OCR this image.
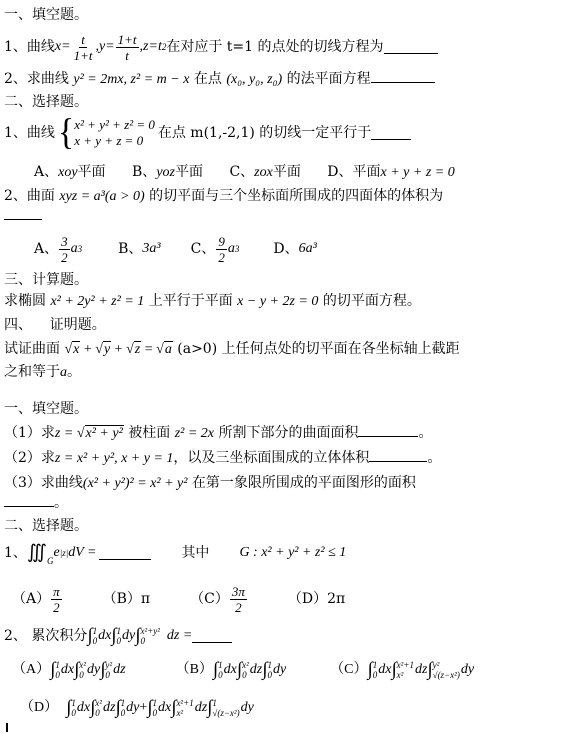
一、填空题。
1、曲线 $x= \frac{t}{1+t} ,y= \frac{1+t}{t} ,z=t$ 2 在对应于 t=1 的点处的切线方程为
2、求曲线 y² = 2mx, z² = m − x 在点 (x₀, y₀, z₀) 的法平面方程
二、选择题。
1、曲线 { x² + y² + z² = 0
x + y + z = 0	在点 m(1,-2,1) 的切线一定平行于
A、xoy平面 B、yoz平面 C、zox平面 D、平面x + y + z = 0
2、曲面 xyz = a³(a > 0) 的切平面与三个坐标面所围成的四面体的体积为
A、 $\frac{3}{2}$ a 3	B、 3a³ C、 $\frac{9}{2}$ a 3 D、 6a³
三、计算题。
求椭圆 x² + 2y² + z² = 1 上平行于平面 x − y + 2z = 0 的切平面方程。
四、    证明题。
试证曲面 √x + √y + √z = √a (a>0) 上任何点处的切平面在各坐标轴上截距
之和等于a。
一、填空题。
（1）求z = √x² + y² 被柱面 z² = 2x 所割下部分的曲面面积	。
（2）求z = x² + y², x + y = 1，以及三坐标面围成的立体体积	。
（3）求曲线(x² + y²)² = x² + y² 在第一象限所围成的平面图形的面积
。
二、选择题。
1、 $∭_G$
e |z| dV =	其中 G : x² + y² + z² ≤ 1
$(A) \frac{\pi}{2}$	（B）π	$(C) \frac{3\pi}{2}$	（D）2π
2、 累次积分 ∫ 1
0 dx ∫ 1
0 dy ∫ x²+y²
0	dz =
（A） ∫ 1
0 dx ∫ x²
0 dy ∫ y²
0 dz	（B） ∫ 1
0 dx ∫ x²
0 dz ∫ 1
0 dy	（C） ∫ 1
0 dx ∫ x²+1
x² dz ∫ y²
√(z−x²) dy
（D） ∫ 1
0 dx ∫ x²
0 dz ∫ 1
0 dy + ∫ 1
0 dx ∫ x²+1
x² dz ∫ 1
√(z−x²) dy
